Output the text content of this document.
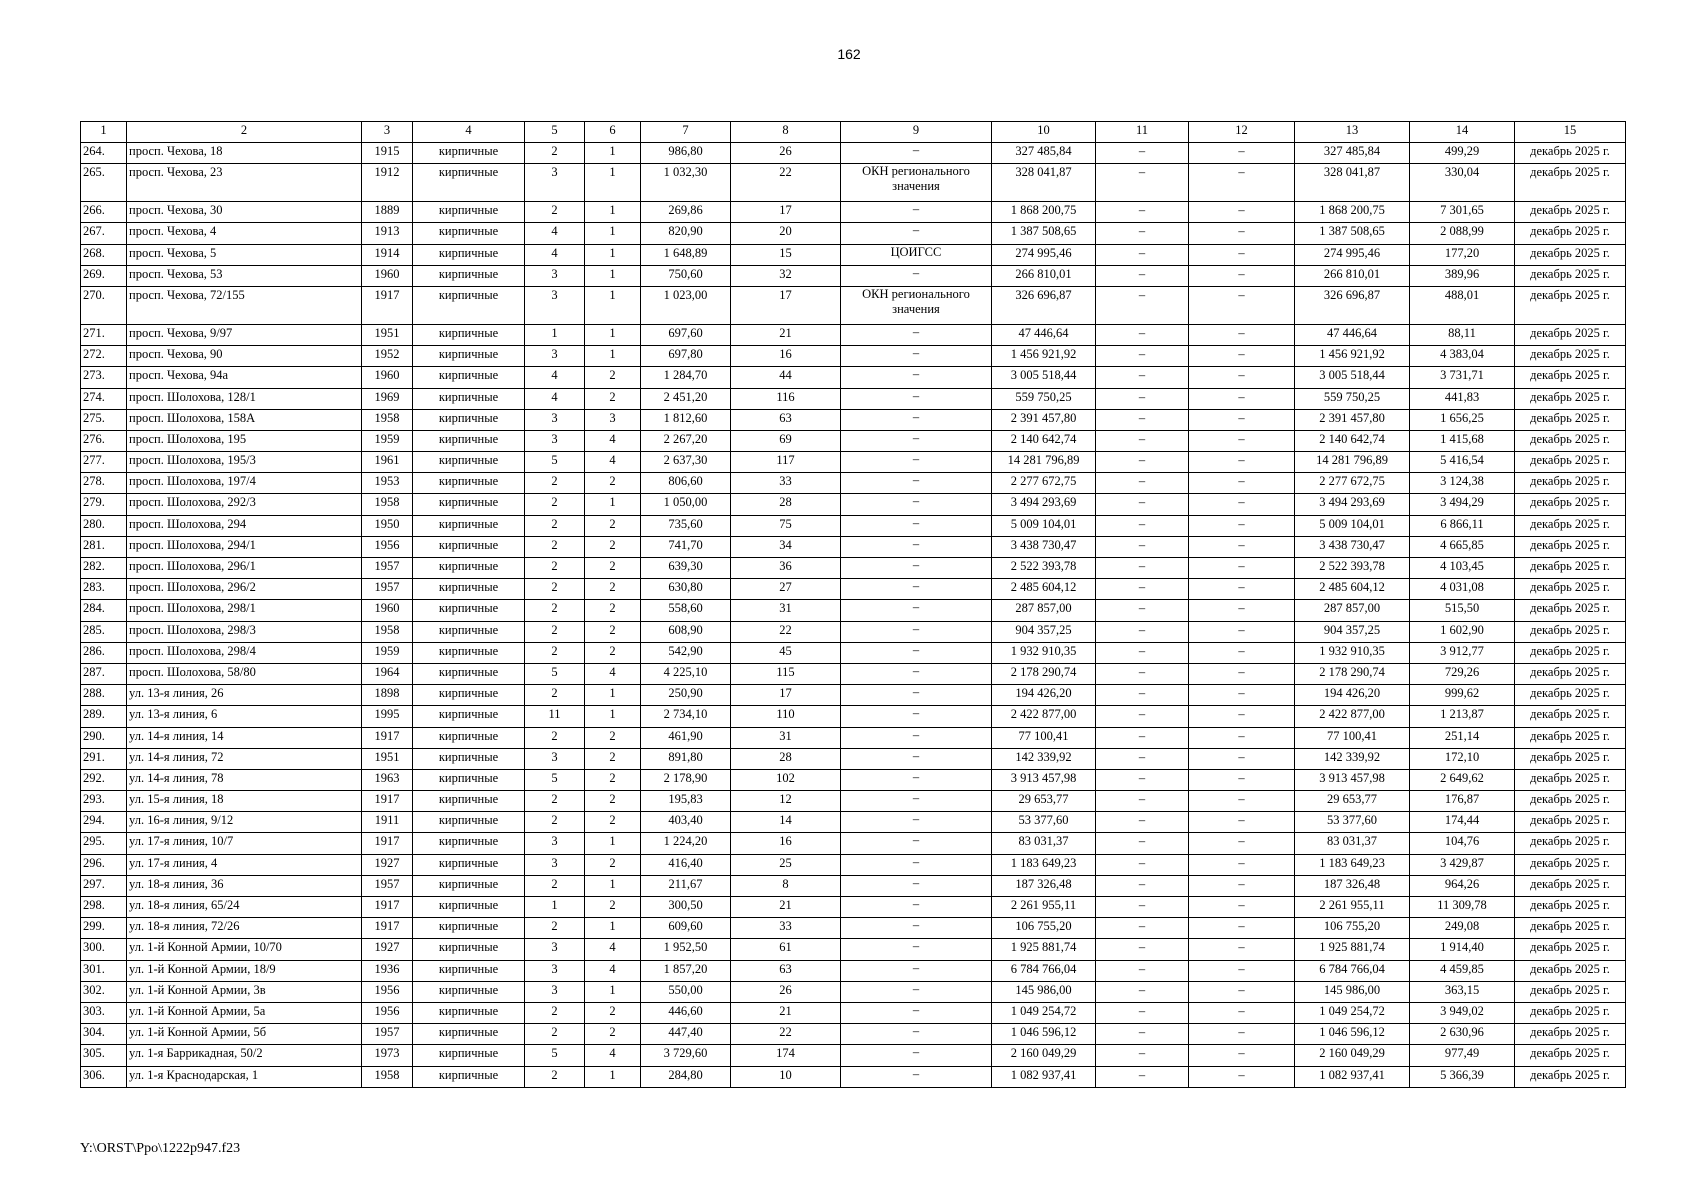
162
1	2	3	4	5	6	7	8	9	10	11	12	13	14	15
264.	просп. Чехова, 18	1915	кирпичные	2	1	986,80	26	–	327 485,84	–	–	327 485,84	499,29	декабрь 2025 г.
265.	просп. Чехова, 23	1912	кирпичные	3	1	1 032,30	22	ОКН регионального значения	328 041,87	–	–	328 041,87	330,04	декабрь 2025 г.
266.	просп. Чехова, 30	1889	кирпичные	2	1	269,86	17	–	1 868 200,75	–	–	1 868 200,75	7 301,65	декабрь 2025 г.
267.	просп. Чехова, 4	1913	кирпичные	4	1	820,90	20	–	1 387 508,65	–	–	1 387 508,65	2 088,99	декабрь 2025 г.
268.	просп. Чехова, 5	1914	кирпичные	4	1	1 648,89	15	ЦОИГСС	274 995,46	–	–	274 995,46	177,20	декабрь 2025 г.
269.	просп. Чехова, 53	1960	кирпичные	3	1	750,60	32	–	266 810,01	–	–	266 810,01	389,96	декабрь 2025 г.
270.	просп. Чехова, 72/155	1917	кирпичные	3	1	1 023,00	17	ОКН регионального значения	326 696,87	–	–	326 696,87	488,01	декабрь 2025 г.
271.	просп. Чехова, 9/97	1951	кирпичные	1	1	697,60	21	–	47 446,64	–	–	47 446,64	88,11	декабрь 2025 г.
272.	просп. Чехова, 90	1952	кирпичные	3	1	697,80	16	–	1 456 921,92	–	–	1 456 921,92	4 383,04	декабрь 2025 г.
273.	просп. Чехова, 94а	1960	кирпичные	4	2	1 284,70	44	–	3 005 518,44	–	–	3 005 518,44	3 731,71	декабрь 2025 г.
274.	просп. Шолохова, 128/1	1969	кирпичные	4	2	2 451,20	116	–	559 750,25	–	–	559 750,25	441,83	декабрь 2025 г.
275.	просп. Шолохова, 158А	1958	кирпичные	3	3	1 812,60	63	–	2 391 457,80	–	–	2 391 457,80	1 656,25	декабрь 2025 г.
276.	просп. Шолохова, 195	1959	кирпичные	3	4	2 267,20	69	–	2 140 642,74	–	–	2 140 642,74	1 415,68	декабрь 2025 г.
277.	просп. Шолохова, 195/3	1961	кирпичные	5	4	2 637,30	117	–	14 281 796,89	–	–	14 281 796,89	5 416,54	декабрь 2025 г.
278.	просп. Шолохова, 197/4	1953	кирпичные	2	2	806,60	33	–	2 277 672,75	–	–	2 277 672,75	3 124,38	декабрь 2025 г.
279.	просп. Шолохова, 292/3	1958	кирпичные	2	1	1 050,00	28	–	3 494 293,69	–	–	3 494 293,69	3 494,29	декабрь 2025 г.
280.	просп. Шолохова, 294	1950	кирпичные	2	2	735,60	75	–	5 009 104,01	–	–	5 009 104,01	6 866,11	декабрь 2025 г.
281.	просп. Шолохова, 294/1	1956	кирпичные	2	2	741,70	34	–	3 438 730,47	–	–	3 438 730,47	4 665,85	декабрь 2025 г.
282.	просп. Шолохова, 296/1	1957	кирпичные	2	2	639,30	36	–	2 522 393,78	–	–	2 522 393,78	4 103,45	декабрь 2025 г.
283.	просп. Шолохова, 296/2	1957	кирпичные	2	2	630,80	27	–	2 485 604,12	–	–	2 485 604,12	4 031,08	декабрь 2025 г.
284.	просп. Шолохова, 298/1	1960	кирпичные	2	2	558,60	31	–	287 857,00	–	–	287 857,00	515,50	декабрь 2025 г.
285.	просп. Шолохова, 298/3	1958	кирпичные	2	2	608,90	22	–	904 357,25	–	–	904 357,25	1 602,90	декабрь 2025 г.
286.	просп. Шолохова, 298/4	1959	кирпичные	2	2	542,90	45	–	1 932 910,35	–	–	1 932 910,35	3 912,77	декабрь 2025 г.
287.	просп. Шолохова, 58/80	1964	кирпичные	5	4	4 225,10	115	–	2 178 290,74	–	–	2 178 290,74	729,26	декабрь 2025 г.
288.	ул. 13-я линия, 26	1898	кирпичные	2	1	250,90	17	–	194 426,20	–	–	194 426,20	999,62	декабрь 2025 г.
289.	ул. 13-я линия, 6	1995	кирпичные	11	1	2 734,10	110	–	2 422 877,00	–	–	2 422 877,00	1 213,87	декабрь 2025 г.
290.	ул. 14-я линия, 14	1917	кирпичные	2	2	461,90	31	–	77 100,41	–	–	77 100,41	251,14	декабрь 2025 г.
291.	ул. 14-я линия, 72	1951	кирпичные	3	2	891,80	28	–	142 339,92	–	–	142 339,92	172,10	декабрь 2025 г.
292.	ул. 14-я линия, 78	1963	кирпичные	5	2	2 178,90	102	–	3 913 457,98	–	–	3 913 457,98	2 649,62	декабрь 2025 г.
293.	ул. 15-я линия, 18	1917	кирпичные	2	2	195,83	12	–	29 653,77	–	–	29 653,77	176,87	декабрь 2025 г.
294.	ул. 16-я линия, 9/12	1911	кирпичные	2	2	403,40	14	–	53 377,60	–	–	53 377,60	174,44	декабрь 2025 г.
295.	ул. 17-я линия, 10/7	1917	кирпичные	3	1	1 224,20	16	–	83 031,37	–	–	83 031,37	104,76	декабрь 2025 г.
296.	ул. 17-я линия, 4	1927	кирпичные	3	2	416,40	25	–	1 183 649,23	–	–	1 183 649,23	3 429,87	декабрь 2025 г.
297.	ул. 18-я линия, 36	1957	кирпичные	2	1	211,67	8	–	187 326,48	–	–	187 326,48	964,26	декабрь 2025 г.
298.	ул. 18-я линия, 65/24	1917	кирпичные	1	2	300,50	21	–	2 261 955,11	–	–	2 261 955,11	11 309,78	декабрь 2025 г.
299.	ул. 18-я линия, 72/26	1917	кирпичные	2	1	609,60	33	–	106 755,20	–	–	106 755,20	249,08	декабрь 2025 г.
300.	ул. 1-й Конной Армии, 10/70	1927	кирпичные	3	4	1 952,50	61	–	1 925 881,74	–	–	1 925 881,74	1 914,40	декабрь 2025 г.
301.	ул. 1-й Конной Армии, 18/9	1936	кирпичные	3	4	1 857,20	63	–	6 784 766,04	–	–	6 784 766,04	4 459,85	декабрь 2025 г.
302.	ул. 1-й Конной Армии, 3в	1956	кирпичные	3	1	550,00	26	–	145 986,00	–	–	145 986,00	363,15	декабрь 2025 г.
303.	ул. 1-й Конной Армии, 5а	1956	кирпичные	2	2	446,60	21	–	1 049 254,72	–	–	1 049 254,72	3 949,02	декабрь 2025 г.
304.	ул. 1-й Конной Армии, 5б	1957	кирпичные	2	2	447,40	22	–	1 046 596,12	–	–	1 046 596,12	2 630,96	декабрь 2025 г.
305.	ул. 1-я Баррикадная, 50/2	1973	кирпичные	5	4	3 729,60	174	–	2 160 049,29	–	–	2 160 049,29	977,49	декабрь 2025 г.
306.	ул. 1-я Краснодарская, 1	1958	кирпичные	2	1	284,80	10	–	1 082 937,41	–	–	1 082 937,41	5 366,39	декабрь 2025 г.
Y:\ORST\Ppo\1222p947.f23
